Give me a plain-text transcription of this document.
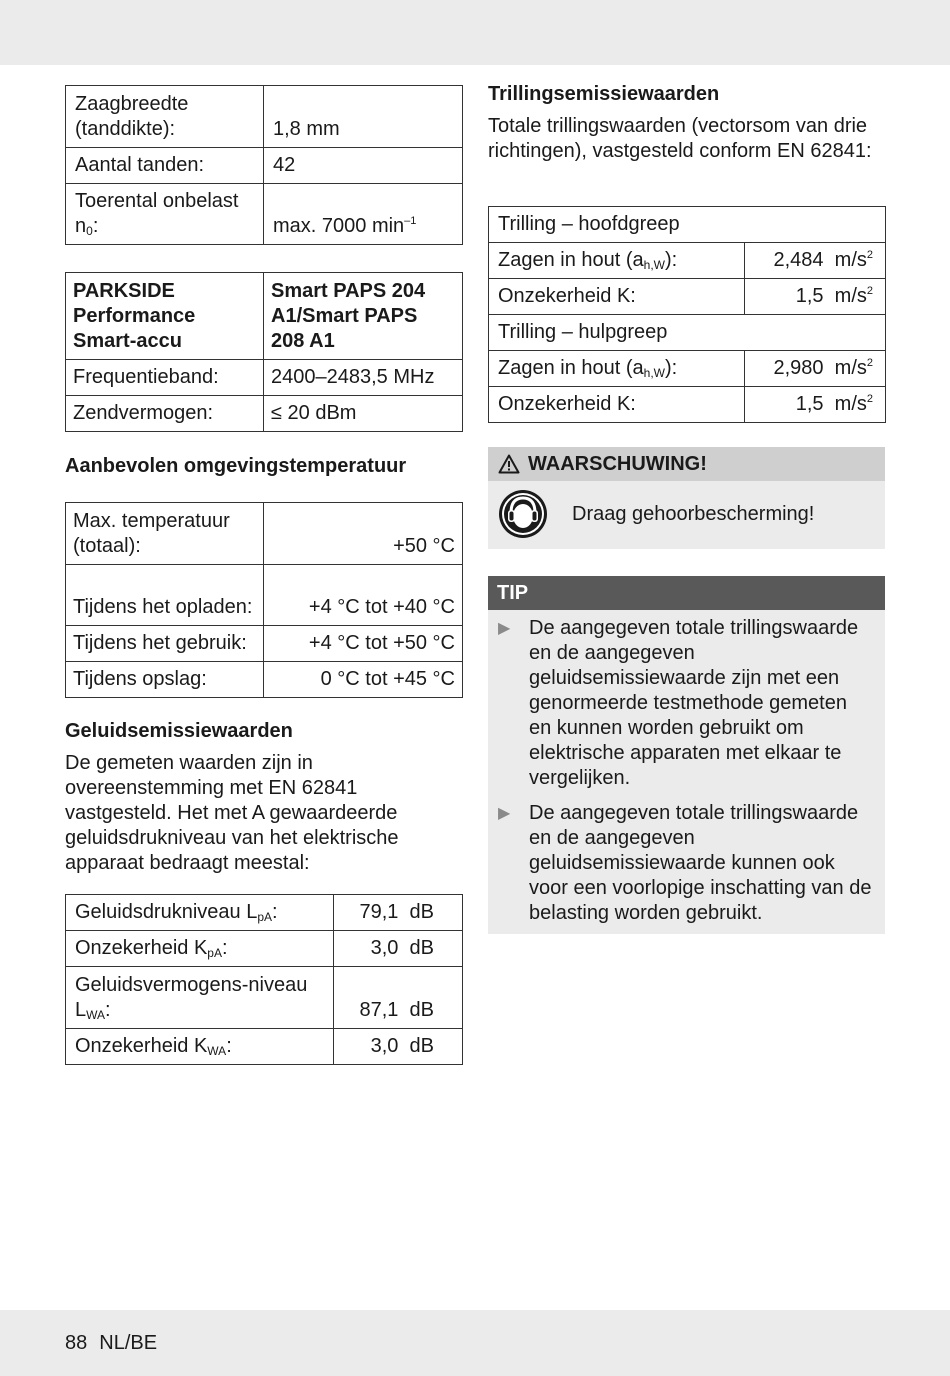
Zaagbreedte (tanddikte):	1,8 mm
Aantal tanden:	42
Toerental onbelast $n_0$:	max. 7000 $\min^{-1}$
PARKSIDE Performance Smart-accu	Smart PAPS 204 A1/Smart PAPS 208 A1
Frequentieband:	2400–2483,5 MHz
Zendvermogen:	≤ 20 dBm
Aanbevolen omgevingstemperatuur
Max. temperatuur (totaal):	+50 °C
Tijdens het opladen:	+4 °C tot +40 °C
Tijdens het gebruik:	+4 °C tot +50 °C
Tijdens opslag:	0 °C tot +45 °C
Geluidsemissiewaarden

De gemeten waarden zijn in overeenstemming met EN 62841 vastgesteld. Het met A gewaardeerde geluidsdrukniveau van het elektrische apparaat bedraagt meestal:

Geluidsdrukniveau $L_{pA}$:	79,1 dB
Onzekerheid $K_{pA}$:	3,0 dB
Geluidsvermogens-niveau $L_{WA}$:	87,1 dB
Onzekerheid $K_{WA}$:	3,0 dB
Trillingsemissiewaarden

Totale trillingswaarden (vectorsom van drie richtingen), vastgesteld conform EN 62841:

Trilling – hoofdgreep	
Zagen in hout $(a_{h,W})$:	2,484 $m/s^2$
Onzekerheid K:	1,5 $m/s^2$
Trilling – hulpgreep	
Zagen in hout $(a_{h,W})$:	2,980 $m/s^2$
Onzekerheid K:	1,5 $m/s^2$
WAARSCHUWING!
Draag gehoorbescherming!
TIP
▶ De aangegeven totale trillingswaarde en de aangegeven geluidsemissiewaarde zijn met een genormeerde testmethode gemeten en kunnen worden gebruikt om elektrische apparaten met elkaar te vergelijken.
▶ De aangegeven totale trillingswaarde en de aangegeven geluidsemissiewaarde kunnen ook voor een voorlopige inschatting van de belasting worden gebruikt.
88 NL/BE
